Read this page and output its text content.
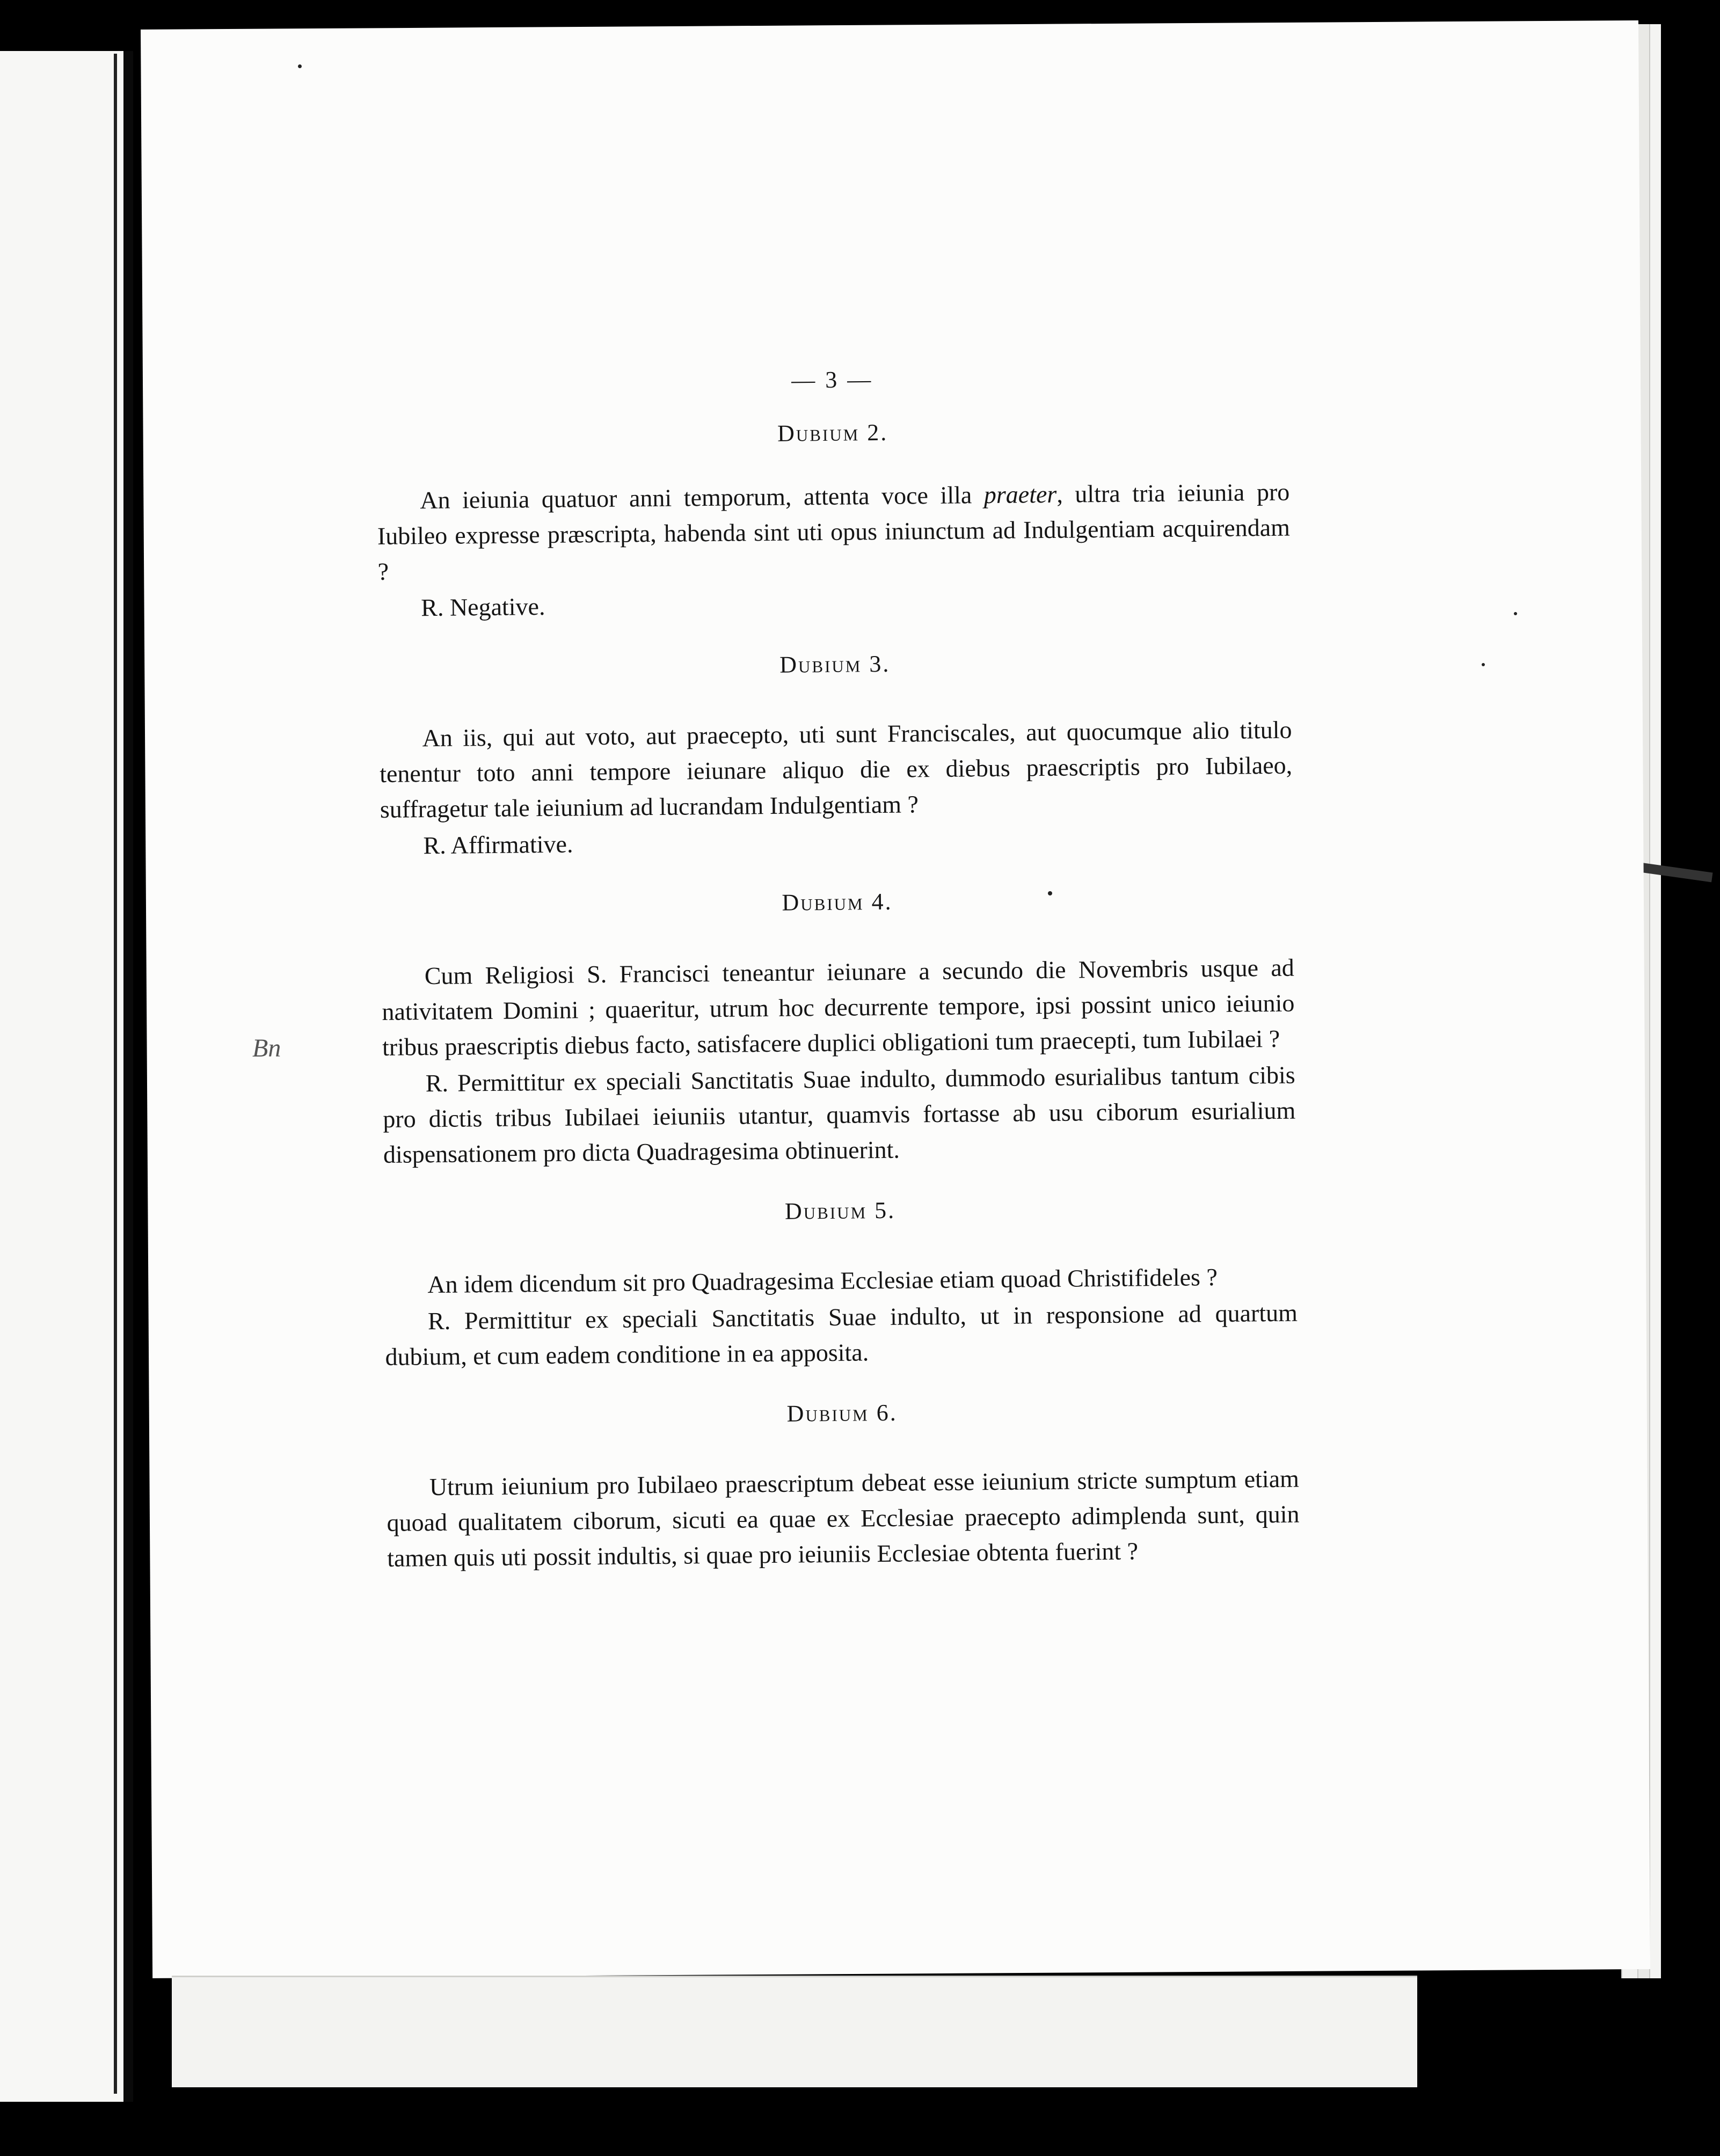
Bn
— 3 —
Dubium 2.

An ieiunia quatuor anni temporum, attenta voce illa praeter, ultra tria ieiunia pro Iubileo expresse præscripta, habenda sint uti opus iniunctum ad Indulgentiam acquirendam ?

R. Negative.

Dubium 3.

An iis, qui aut voto, aut praecepto, uti sunt Franciscales, aut quocumque alio titulo tenentur toto anni tempore ieiunare aliquo die ex diebus praescriptis pro Iubilaeo, suffragetur tale ieiunium ad lucrandam Indulgentiam ?

R. Affirmative.

Dubium 4.

Cum Religiosi S. Francisci teneantur ieiunare a secundo die Novembris usque ad nativitatem Domini ; quaeritur, utrum hoc decurrente tempore, ipsi possint unico ieiunio tribus praescriptis diebus facto, satisfacere duplici obligationi tum praecepti, tum Iubilaei ?

R. Permittitur ex speciali Sanctitatis Suae indulto, dummodo esurialibus tantum cibis pro dictis tribus Iubilaei ieiuniis utantur, quamvis fortasse ab usu ciborum esurialium dispensationem pro dicta Quadragesima obtinuerint.

Dubium 5.

An idem dicendum sit pro Quadragesima Ecclesiae etiam quoad Christifideles ?

R. Permittitur ex speciali Sanctitatis Suae indulto, ut in responsione ad quartum dubium, et cum eadem conditione in ea apposita.

Dubium 6.

Utrum ieiunium pro Iubilaeo praescriptum debeat esse ieiunium stricte sumptum etiam quoad qualitatem ciborum, sicuti ea quae ex Ecclesiae praecepto adimplenda sunt, quin tamen quis uti possit indultis, si quae pro ieiuniis Ecclesiae obtenta fuerint ?
